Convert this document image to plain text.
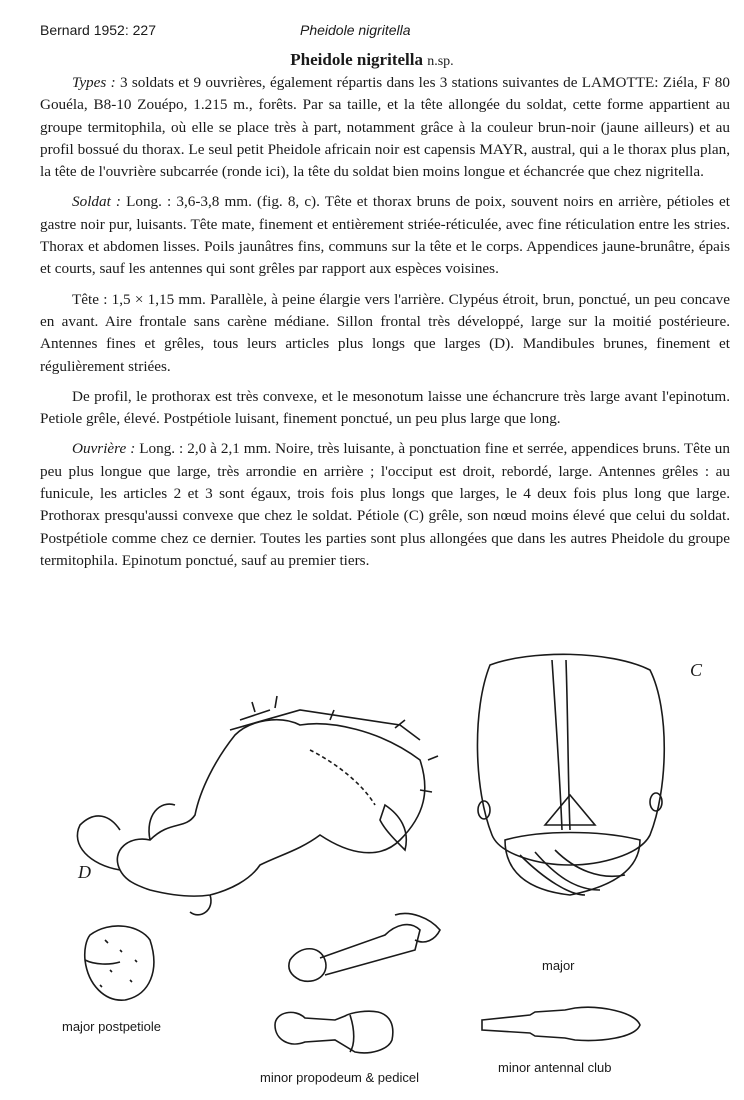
Bernard 1952: 227	Pheidole nigritella
Pheidole nigritella n.sp.

Types : 3 soldats et 9 ouvrières, également répartis dans les 3 stations suivantes de LAMOTTE: Ziéla, F 80 Gouéla, B8-10 Zouépo, 1.215 m., forêts. Par sa taille, et la tête allongée du soldat, cette forme appartient au groupe termitophila, où elle se place très à part, notamment grâce à la couleur brun-noir (jaune ailleurs) et au profil bossué du thorax. Le seul petit Pheidole africain noir est capensis MAYR, austral, qui a le thorax plus plan, la tête de l'ouvrière subcarrée (ronde ici), la tête du soldat bien moins longue et échancrée que chez nigritella.

Soldat : Long. : 3,6-3,8 mm. (fig. 8, c). Tête et thorax bruns de poix, souvent noirs en arrière, pétioles et gastre noir pur, luisants. Tête mate, finement et entièrement striée-réticulée, avec fine réticulation entre les stries. Thorax et abdomen lisses. Poils jaunâtres fins, communs sur la tête et le corps. Appendices jaune-brunâtre, épais et courts, sauf les antennes qui sont grêles par rapport aux espèces voisines.

Tête : 1,5 × 1,15 mm. Parallèle, à peine élargie vers l'arrière. Clypéus étroit, brun, ponctué, un peu concave en avant. Aire frontale sans carène médiane. Sillon frontal très développé, large sur la moitié postérieure. Antennes fines et grêles, tous leurs articles plus longs que larges (D). Mandibules brunes, finement et régulièrement striées.

De profil, le prothorax est très convexe, et le mesonotum laisse une échancrure très large avant l'epinotum. Petiole grêle, élevé. Postpétiole luisant, finement ponctué, un peu plus large que long.

Ouvrière : Long. : 2,0 à 2,1 mm. Noire, très luisante, à ponctuation fine et serrée, appendices bruns. Tête un peu plus longue que large, très arrondie en arrière ; l'occiput est droit, rebordé, large. Antennes grêles : au funicule, les articles 2 et 3 sont égaux, trois fois plus longs que larges, le 4 deux fois plus long que large. Prothorax presqu'aussi convexe que chez le soldat. Pétiole (C) grêle, son nœud moins élevé que celui du soldat. Postpétiole comme chez ce dernier. Toutes les parties sont plus allongées que dans les autres Pheidole du groupe termitophila. Epinotum ponctué, sauf au premier tiers.

C
D
major
major postpetiole
minor propodeum & pedicel
minor antennal club
